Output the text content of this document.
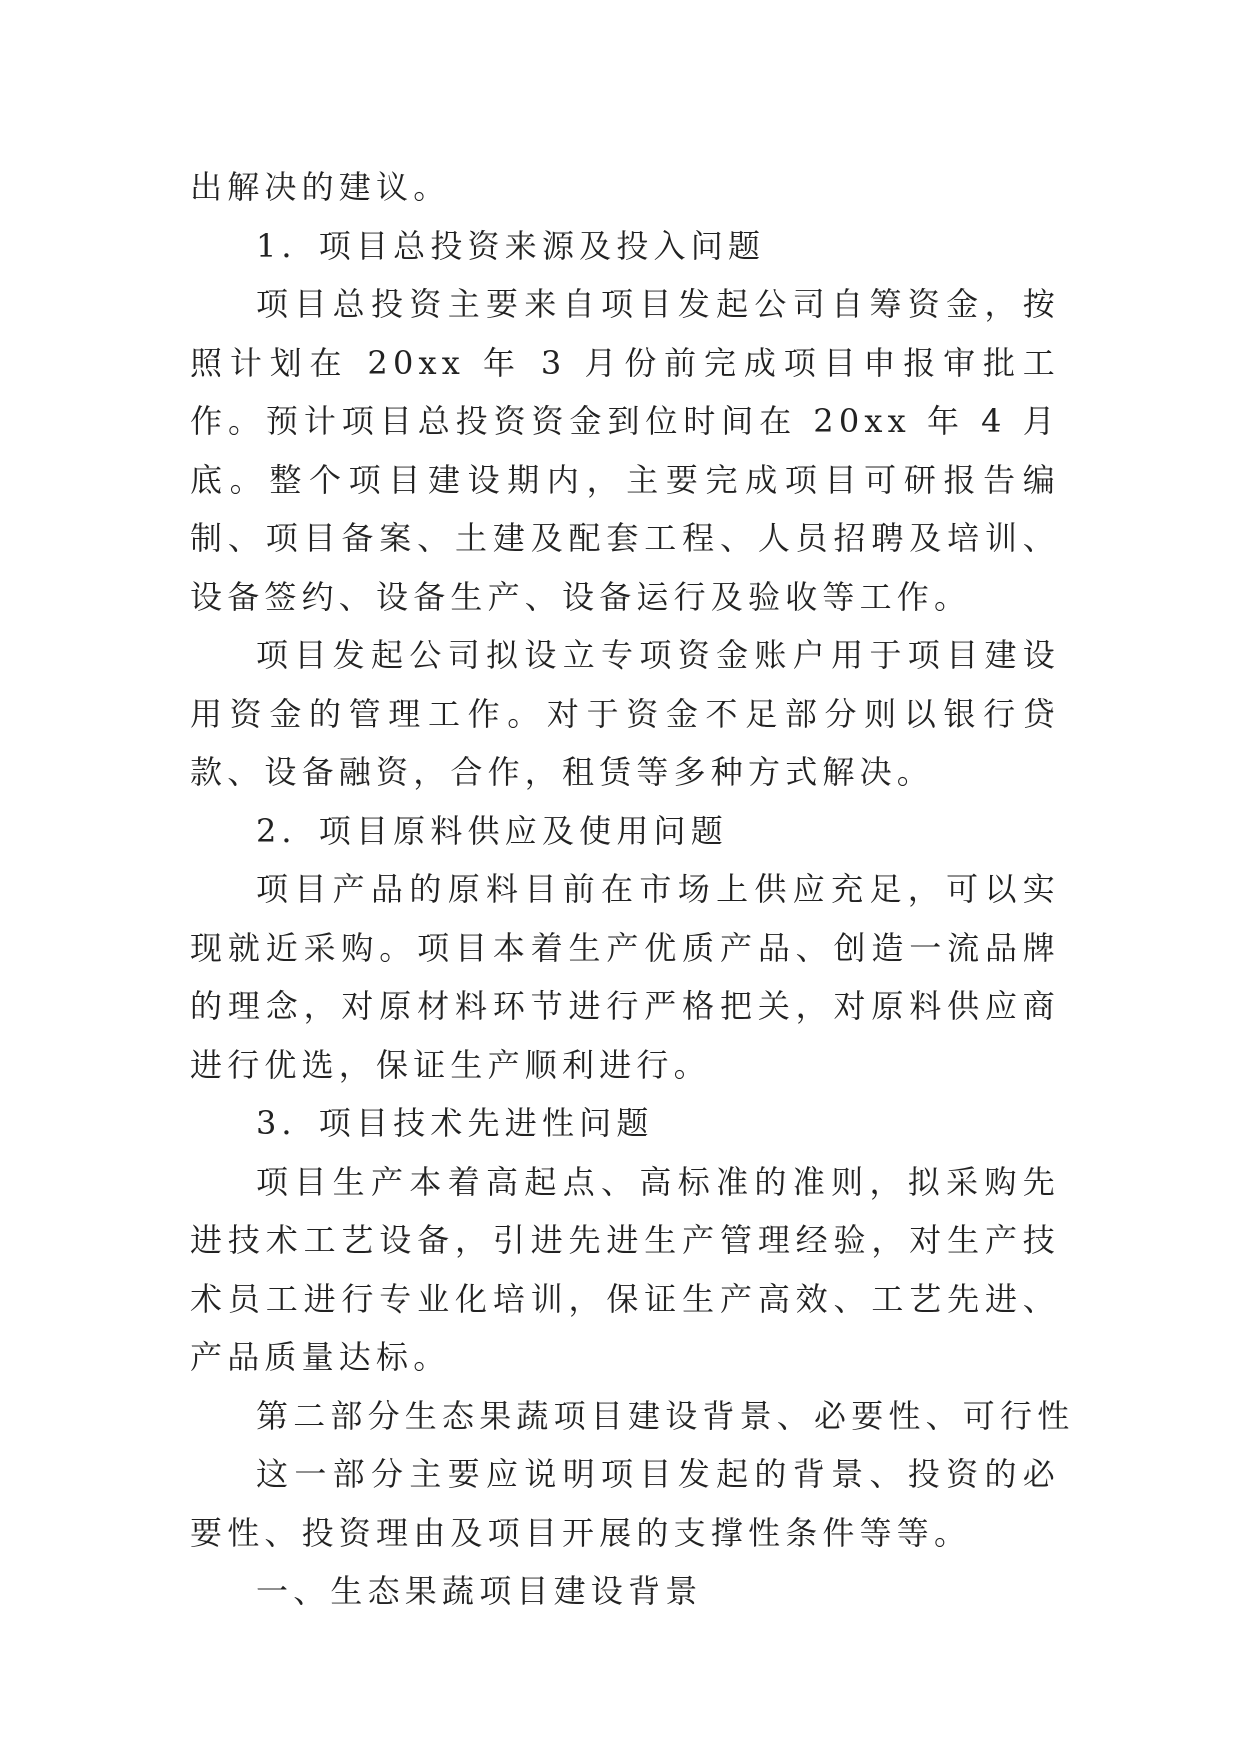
出解决的建议。

1．项目总投资来源及投入问题

项目总投资主要来自项目发起公司自筹资金，按照计划在 20xx 年 3 月份前完成项目申报审批工作。预计项目总投资资金到位时间在 20xx 年 4 月底。整个项目建设期内，主要完成项目可研报告编制、项目备案、土建及配套工程、人员招聘及培训、设备签约、设备生产、设备运行及验收等工作。

项目发起公司拟设立专项资金账户用于项目建设用资金的管理工作。对于资金不足部分则以银行贷款、设备融资，合作，租赁等多种方式解决。

2．项目原料供应及使用问题

项目产品的原料目前在市场上供应充足，可以实现就近采购。项目本着生产优质产品、创造一流品牌的理念，对原材料环节进行严格把关，对原料供应商进行优选，保证生产顺利进行。

3．项目技术先进性问题

项目生产本着高起点、高标准的准则，拟采购先进技术工艺设备，引进先进生产管理经验，对生产技术员工进行专业化培训，保证生产高效、工艺先进、产品质量达标。

第二部分生态果蔬项目建设背景、必要性、可行性

这一部分主要应说明项目发起的背景、投资的必要性、投资理由及项目开展的支撑性条件等等。

一、生态果蔬项目建设背景
